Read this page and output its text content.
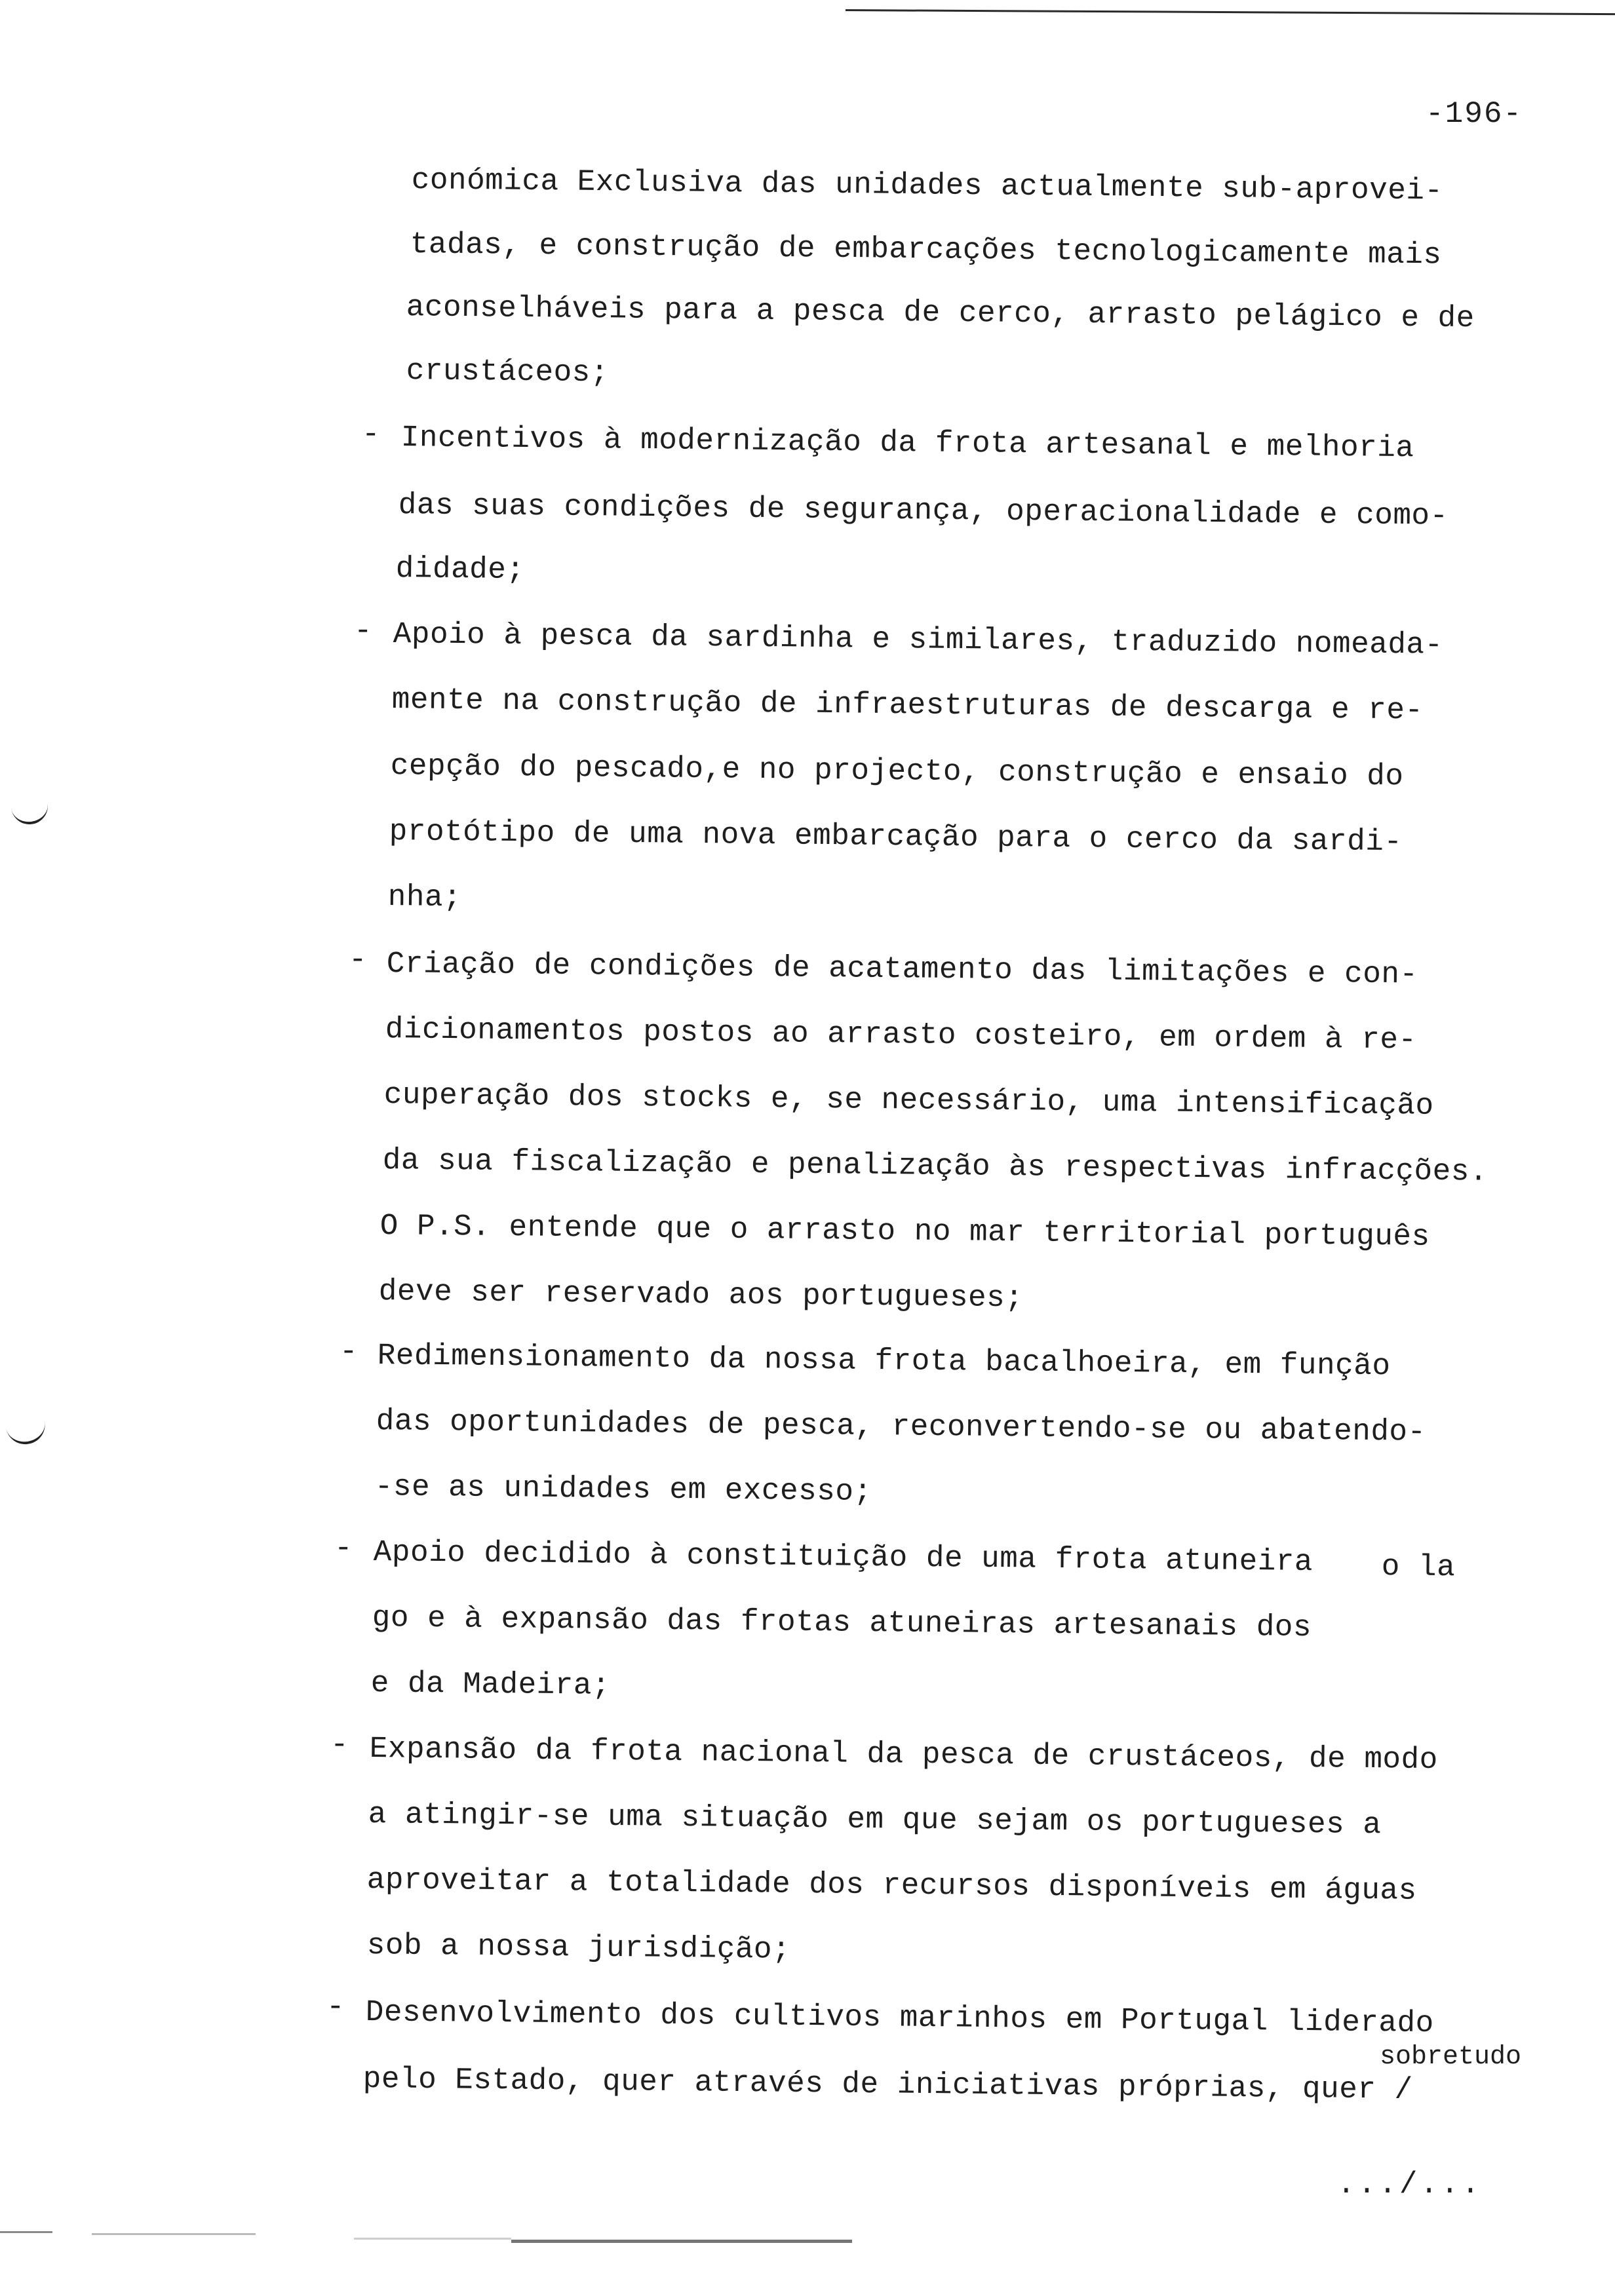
-196-
conómica Exclusiva das unidades actualmente sub-aprovei-
tadas, e construção de embarcações tecnologicamente mais
aconselháveis para a pesca de cerco, arrasto pelágico e de
crustáceos;
Incentivos à modernização da frota artesanal e melhoria
das suas condições de segurança, operacionalidade e como-
didade;
Apoio à pesca da sardinha e similares, traduzido nomeada-
mente na construção de infraestruturas de descarga e re-
cepção do pescado,e no projecto, construção e ensaio do
protótipo de uma nova embarcação para o cerco da sardi-
nha;
Criação de condições de acatamento das limitações e con-
dicionamentos postos ao arrasto costeiro, em ordem à re-
cuperação dos stocks e, se necessário, uma intensificação
da sua fiscalização e penalização às respectivas infracções.
O P.S. entende que o arrasto no mar territorial português
deve ser reservado aos portugueses;
Redimensionamento da nossa frota bacalhoeira, em função
das oportunidades de pesca, reconvertendo-se ou abatendo-
-se as unidades em excesso;
Apoio decidido à constituição de uma frota atuneira o la
go e à expansão das frotas atuneiras artesanais dos
e da Madeira;
Expansão da frota nacional da pesca de crustáceos, de modo
a atingir-se uma situação em que sejam os portugueses a
aproveitar a totalidade dos recursos disponíveis em águas
sob a nossa jurisdição;
Desenvolvimento dos cultivos marinhos em Portugal liderado
pelo Estado, quer através de iniciativas próprias, quer /
-
-
-
-
-
-
-
sobretudo
.../...
